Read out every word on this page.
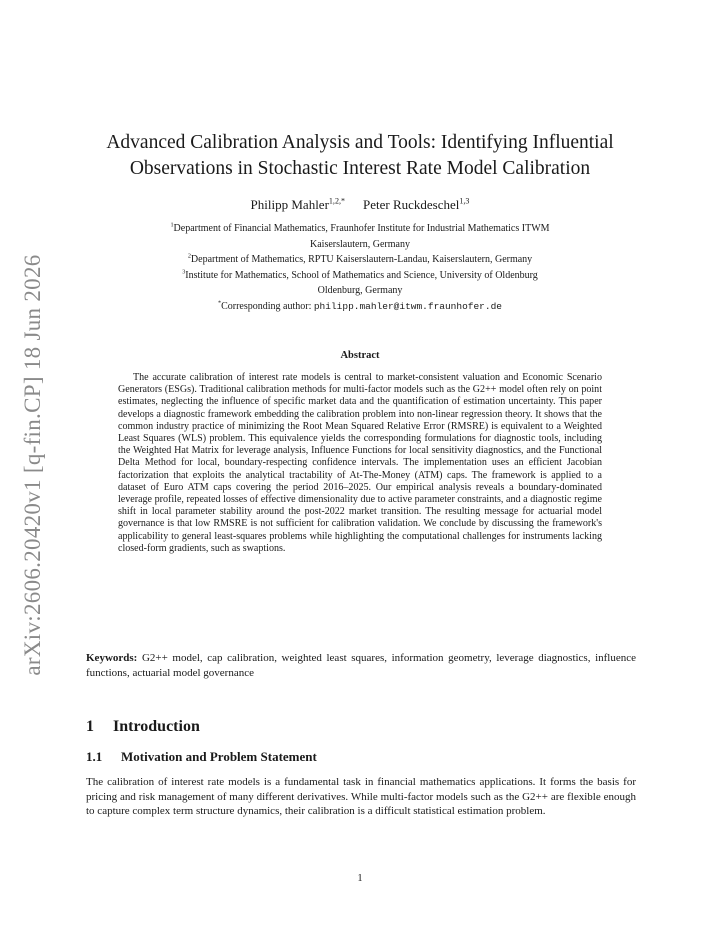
arXiv:2606.20420v1 [q-fin.CP] 18 Jun 2026
Advanced Calibration Analysis and Tools: Identifying Influential
Observations in Stochastic Interest Rate Model Calibration
Philipp Mahler$^{1,2,*}$ Peter Ruckdeschel$^{1,3}$
$^1$Department of Financial Mathematics, Fraunhofer Institute for Industrial Mathematics ITWM
Kaiserslautern, Germany
$^2$Department of Mathematics, RPTU Kaiserslautern-Landau, Kaiserslautern, Germany
$^3$Institute for Mathematics, School of Mathematics and Science, University of Oldenburg
Oldenburg, Germany
*Corresponding author: philipp.mahler@itwm.fraunhofer.de
Abstract

The accurate calibration of interest rate models is central to market-consistent valuation and Economic Scenario Generators (ESGs). Traditional calibration methods for multi-factor models such as the G2++ model often rely on point estimates, neglecting the influence of specific market data and the quantification of estimation uncertainty. This paper develops a diagnostic framework embedding the calibration problem into non-linear regression theory. It shows that the common industry practice of minimizing the Root Mean Squared Relative Error (RMSRE) is equivalent to a Weighted Least Squares (WLS) problem. This equivalence yields the corresponding formulations for diagnostic tools, including the Weighted Hat Matrix for leverage analysis, Influence Functions for local sensitivity diagnostics, and the Functional Delta Method for local, boundary-respecting confidence intervals. The implementation uses an efficient Jacobian factorization that exploits the analytical tractability of At-The-Money (ATM) caps. The framework is applied to a dataset of Euro ATM caps covering the period 2016–2025. Our empirical analysis reveals a boundary-dominated leverage profile, repeated losses of effective dimensionality due to active parameter constraints, and a diagnostic regime shift in local parameter stability around the post-2022 market transition. The resulting message for actuarial model governance is that low RMSRE is not sufficient for calibration validation. We conclude by discussing the framework's applicability to general least-squares problems while highlighting the computational challenges for instruments lacking closed-form gradients, such as swaptions.

Keywords: G2++ model, cap calibration, weighted least squares, information geometry, leverage diagnostics, influence functions, actuarial model governance

1 Introduction
1.1 Motivation and Problem Statement

The calibration of interest rate models is a fundamental task in financial mathematics applications. It forms the basis for pricing and risk management of many different derivatives. While multi-factor models such as the G2++ are flexible enough to capture complex term structure dynamics, their calibration is a difficult statistical estimation problem.

1
